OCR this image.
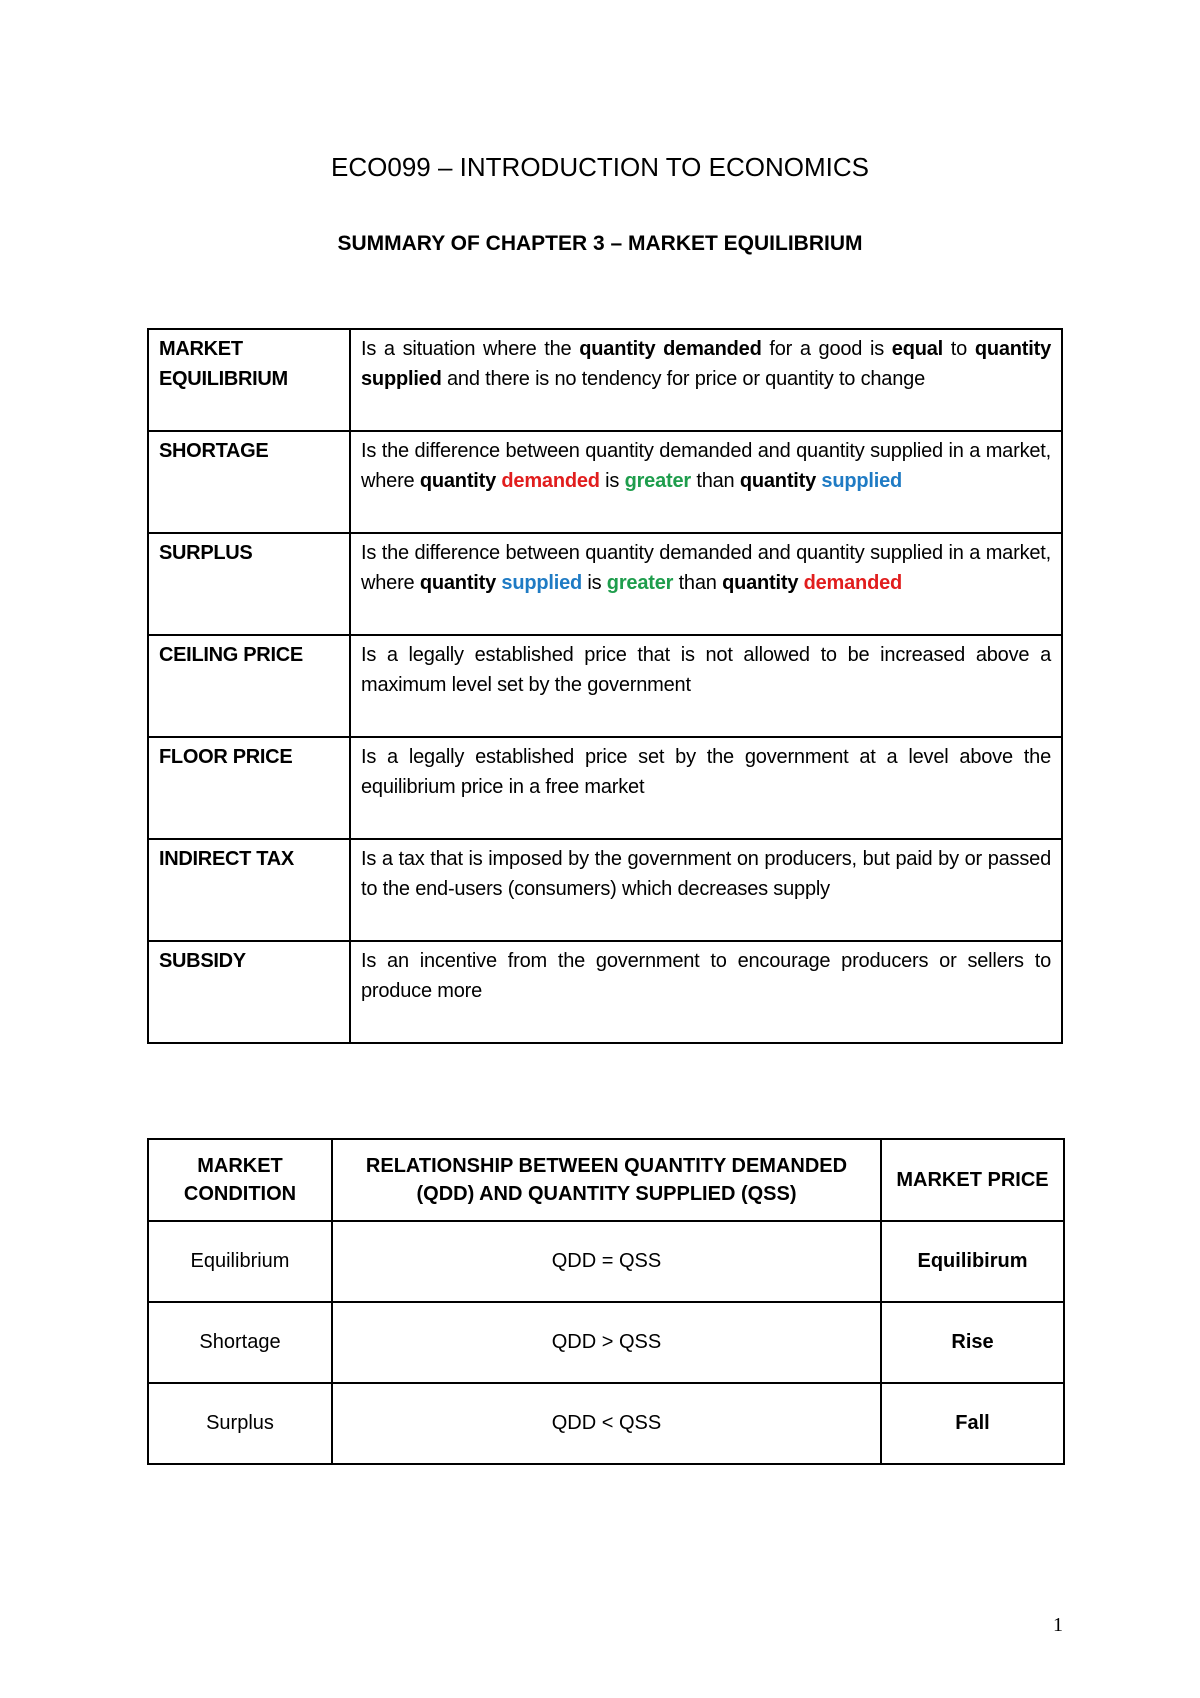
ECO099 – INTRODUCTION TO ECONOMICS
SUMMARY OF CHAPTER 3 – MARKET EQUILIBRIUM
MARKET EQUILIBRIUM	Is a situation where the quantity demanded for a good is equal to quantity supplied and there is no tendency for price or quantity to change
SHORTAGE	Is the difference between quantity demanded and quantity supplied in a market, where quantity demanded is greater than quantity supplied
SURPLUS	Is the difference between quantity demanded and quantity supplied in a market, where quantity supplied is greater than quantity demanded
CEILING PRICE	Is a legally established price that is not allowed to be increased above a maximum level set by the government
FLOOR PRICE	Is a legally established price set by the government at a level above the equilibrium price in a free market
INDIRECT TAX	Is a tax that is imposed by the government on producers, but paid by or passed to the end-users (consumers) which decreases supply
SUBSIDY	Is an incentive from the government to encourage producers or sellers to produce more
MARKET CONDITION	RELATIONSHIP BETWEEN QUANTITY DEMANDED (QDD) AND QUANTITY SUPPLIED (QSS)	MARKET PRICE
Equilibrium	QDD = QSS	Equilibirum
Shortage	QDD > QSS	Rise
Surplus	QDD < QSS	Fall
1
